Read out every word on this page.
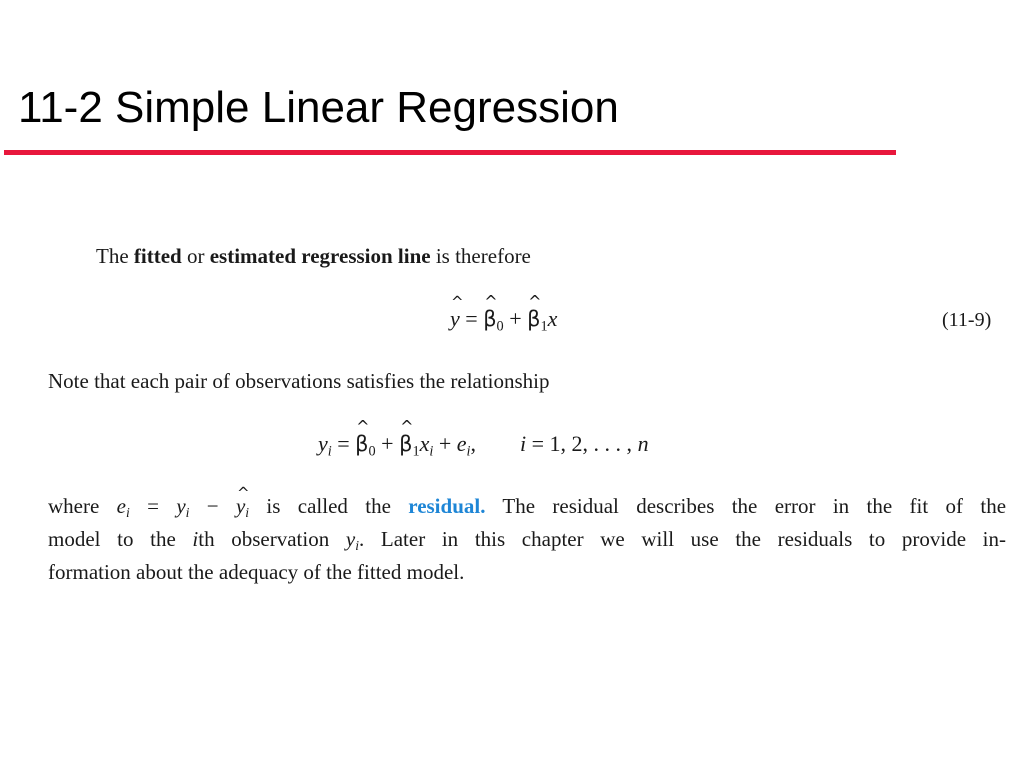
11-2 Simple Linear Regression
The fitted or estimated regression line is therefore
^ y = ^ $\beta_0$ + ^ $\beta_1x$	(11-9)
Note that each pair of observations satisfies the relationship
$y_i$ = ^ $\beta_0$ + ^ $\beta_1x_i + e_i$, i = 1, 2, . . . , n
where $e_i = y_i$ − ^ $y_i$ is called the residual. The residual describes the error in the fit of the
model to the ith observation $y_i$. Later in this chapter we will use the residuals to provide in-
formation about the adequacy of the fitted model.
